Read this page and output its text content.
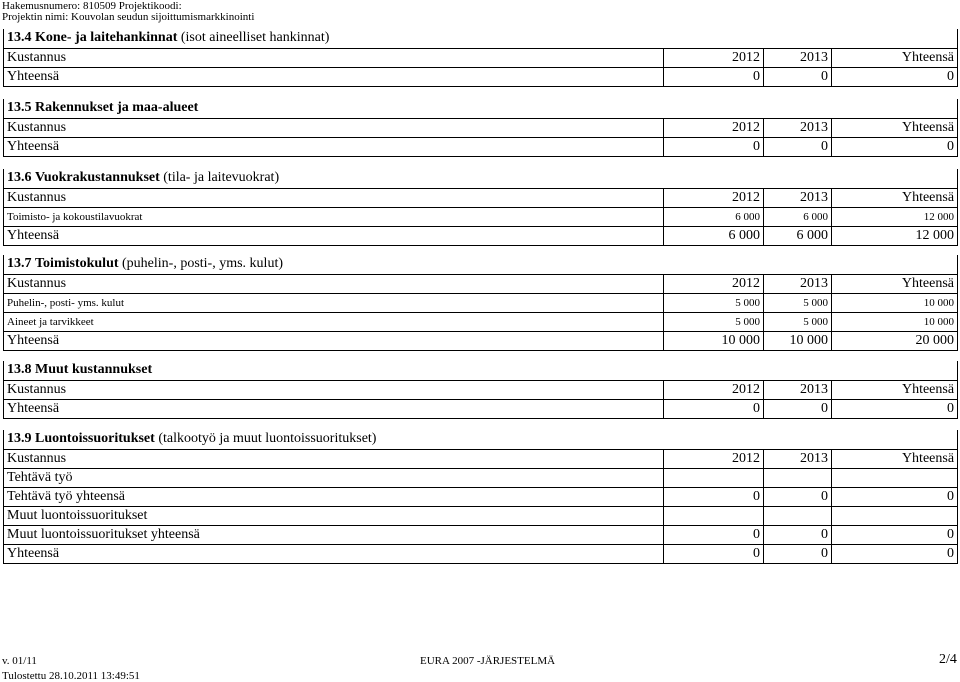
Hakemusnumero: 810509 Projektikoodi:
Projektin nimi: Kouvolan seudun sijoittumismarkkinointi
13.4 Kone- ja laitehankinnat (isot aineelliset hankinnat)			
Kustannus	2012	2013	Yhteensä
Yhteensä	0	0	0
13.5 Rakennukset ja maa-alueet			
Kustannus	2012	2013	Yhteensä
Yhteensä	0	0	0
13.6 Vuokrakustannukset (tila- ja laitevuokrat)			
Kustannus	2012	2013	Yhteensä
Toimisto- ja kokoustilavuokrat	6 000	6 000	12 000
Yhteensä	6 000	6 000	12 000
13.7 Toimistokulut (puhelin-, posti-, yms. kulut)			
Kustannus	2012	2013	Yhteensä
Puhelin-, posti- yms. kulut	5 000	5 000	10 000
Aineet ja tarvikkeet	5 000	5 000	10 000
Yhteensä	10 000	10 000	20 000
13.8 Muut kustannukset			
Kustannus	2012	2013	Yhteensä
Yhteensä	0	0	0
13.9 Luontoissuoritukset (talkootyö ja muut luontoissuoritukset)			
Kustannus	2012	2013	Yhteensä
Tehtävä työ			
Tehtävä työ yhteensä	0	0	0
Muut luontoissuoritukset			
Muut luontoissuoritukset yhteensä	0	0	0
Yhteensä	0	0	0
v. 01/11	EURA 2007 -JÄRJESTELMÄ	2/4
Tulostettu 28.10.2011 13:49:51
